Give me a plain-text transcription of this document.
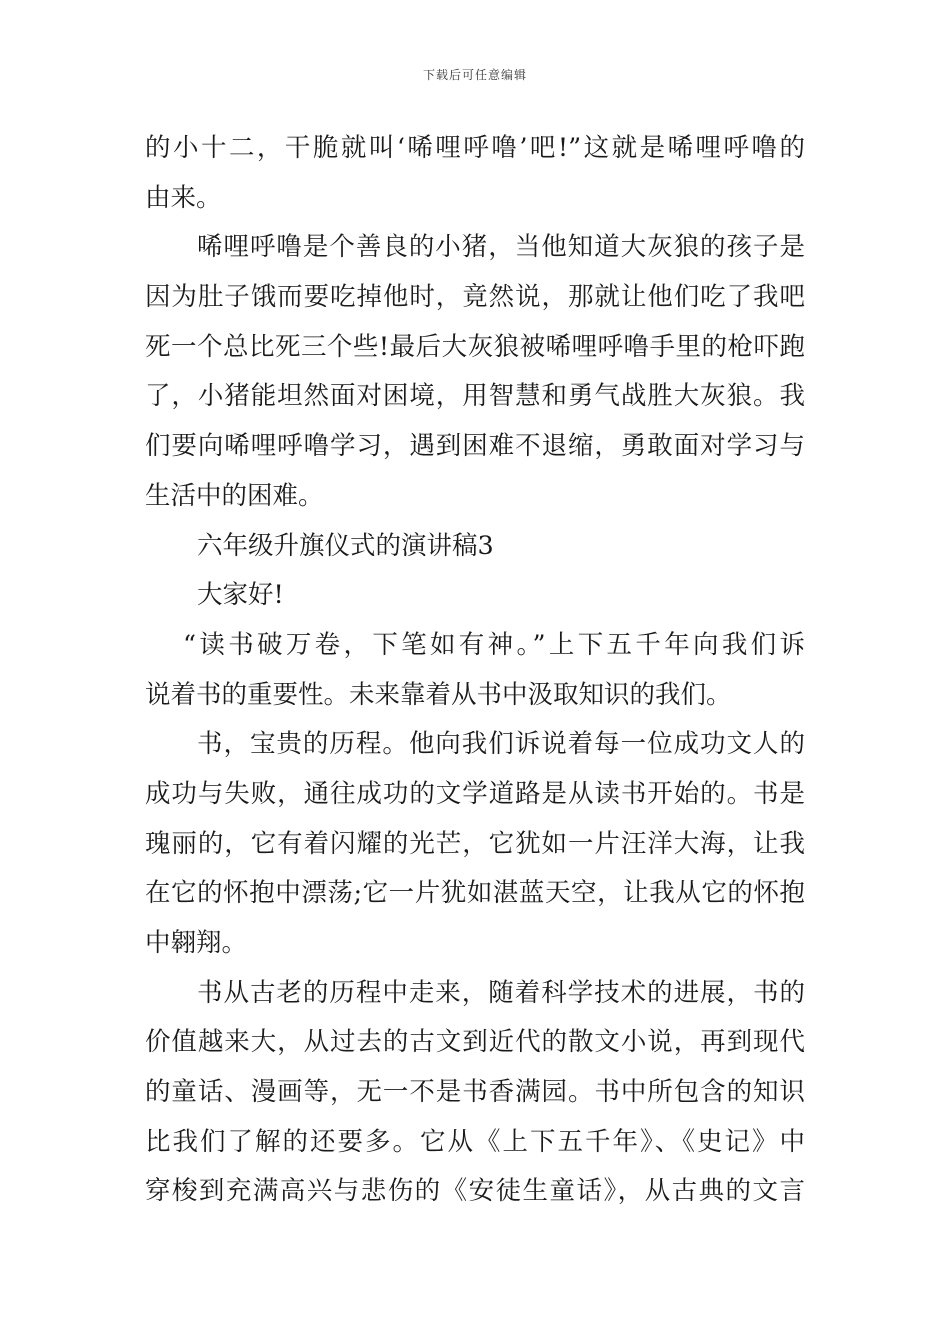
下载后可任意编辑
的小十二，干脆就叫‘唏哩呼噜’吧!”这就是唏哩呼噜的
由来。
唏哩呼噜是个善良的小猪，当他知道大灰狼的孩子是
因为肚子饿而要吃掉他时，竟然说，那就让他们吃了我吧
死一个总比死三个些!最后大灰狼被唏哩呼噜手里的枪吓跑
了，小猪能坦然面对困境，用智慧和勇气战胜大灰狼。我
们要向唏哩呼噜学习，遇到困难不退缩，勇敢面对学习与
生活中的困难。
六年级升旗仪式的演讲稿3
大家好!
“读书破万卷，下笔如有神。”上下五千年向我们诉
说着书的重要性。未来靠着从书中汲取知识的我们。
书，宝贵的历程。他向我们诉说着每一位成功文人的
成功与失败，通往成功的文学道路是从读书开始的。书是
瑰丽的，它有着闪耀的光芒，它犹如一片汪洋大海，让我
在它的怀抱中漂荡;它一片犹如湛蓝天空，让我从它的怀抱
中翱翔。
书从古老的历程中走来，随着科学技术的进展，书的
价值越来大，从过去的古文到近代的散文小说，再到现代
的童话、漫画等，无一不是书香满园。书中所包含的知识
比我们了解的还要多。它从《上下五千年》、《史记》中
穿梭到充满高兴与悲伤的《安徒生童话》，从古典的文言
